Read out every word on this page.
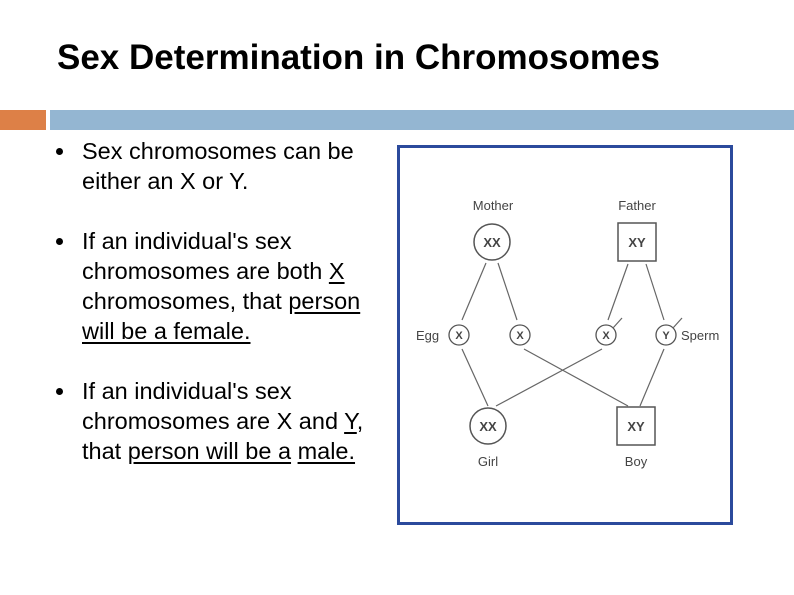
Sex Determination in Chromosomes
Sex chromosomes can be either an X or Y.
If an individual's sex chromosomes are both X chromosomes, that person will be a female.
If an individual's sex chromosomes are X and Y, that person will be a male.
Mother	Father
XX	XY
Egg X	X	X	Y Sperm
XX	XY
Girl	Boy
